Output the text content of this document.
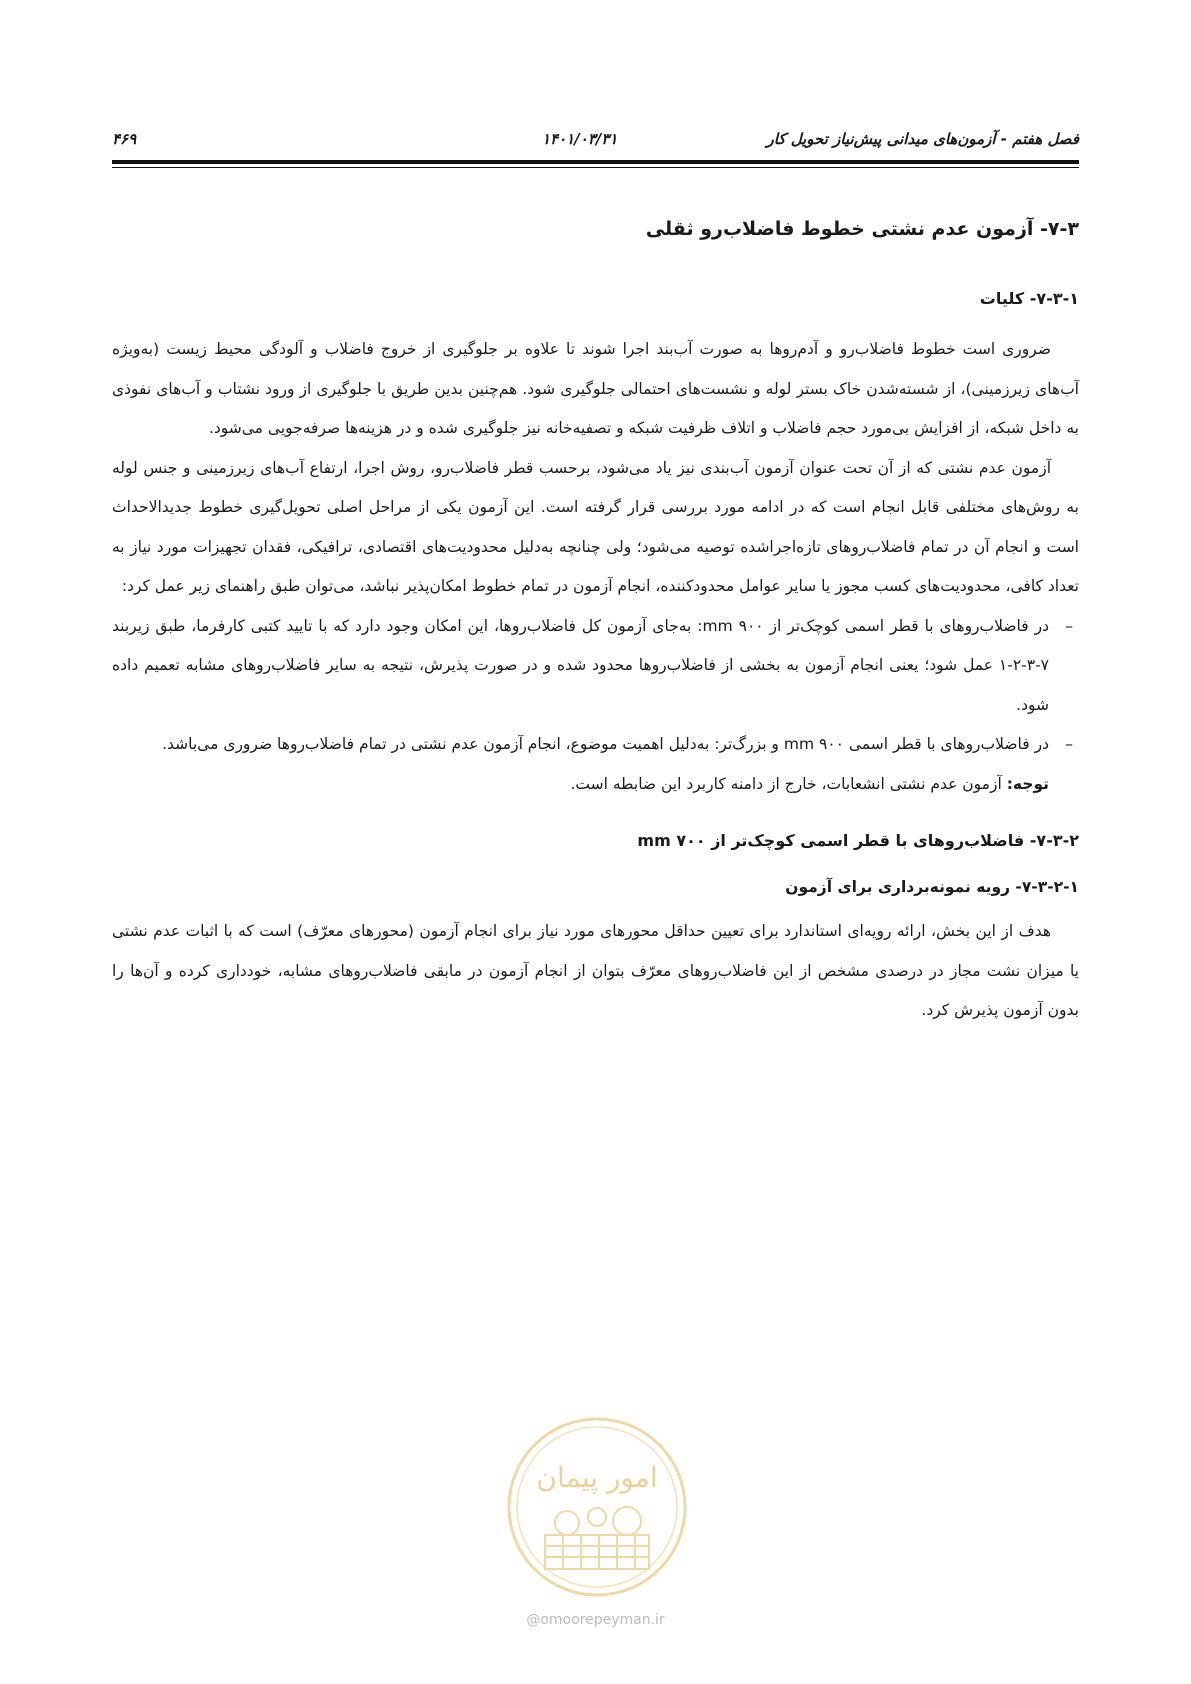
فصل هفتم - آزمون‌های میدانی پیش‌نیاز تحویل کار
۱۴۰۱/۰۳/۳۱
۴۶۹
۷-۳- آزمون عدم نشتی خطوط فاضلاب‌رو ثقلی
۷-۳-۱- کلیات

ضروری است خطوط فاضلاب‌رو و آدم‌روها به صورت آب‌بند اجرا شوند تا علاوه بر جلوگیری از خروج فاضلاب و آلودگی محیط زیست (به‌ویژه آب‌های زیرزمینی)، از شسته‌شدن خاک بستر لوله و نشست‌های احتمالی جلوگیری شود. هم‌چنین بدین طریق با جلوگیری از ورود نشتاب و آب‌های نفوذی به داخل شبکه، از افزایش بی‌مورد حجم فاضلاب و اتلاف ظرفیت شبکه و تصفیه‌خانه نیز جلوگیری شده و در هزینه‌ها صرفه‌جویی می‌شود.

آزمون عدم نشتی که از آن تحت عنوان آزمون آب‌بندی نیز یاد می‌شود، برحسب قطر فاضلاب‌رو، روش اجرا، ارتفاع آب‌های زیرزمینی و جنس لوله به روش‌های مختلفی قابل انجام است که در ادامه مورد بررسی قرار گرفته است. این آزمون یکی از مراحل اصلی تحویل‌گیری خطوط جدیدالاحداث است و انجام آن در تمام فاضلاب‌روهای تازه‌اجراشده توصیه می‌شود؛ ولی چنانچه به‌دلیل محدودیت‌های اقتصادی، ترافیکی، فقدان تجهیزات مورد نیاز به تعداد کافی، محدودیت‌های کسب مجوز یا سایر عوامل محدودکننده، انجام آزمون در تمام خطوط امکان‌پذیر نباشد، می‌توان طبق راهنمای زیر عمل کرد:

–
در فاضلاب‌روهای با قطر اسمی کوچک‌تر از mm ۹۰۰: به‌جای آزمون کل فاضلاب‌روها، این امکان وجود دارد که با تایید کتبی کارفرما، طبق زیربند ۷-۳-۲-۱ عمل شود؛ یعنی انجام آزمون به بخشی از فاضلاب‌روها محدود شده و در صورت پذیرش، نتیجه به سایر فاضلاب‌روهای مشابه تعمیم داده شود.
–
در فاضلاب‌روهای با قطر اسمی mm ۹۰۰ و بزرگ‌تر: به‌دلیل اهمیت موضوع، انجام آزمون عدم نشتی در تمام فاضلاب‌روها ضروری می‌باشد.
توجه: آزمون عدم نشتی انشعابات، خارج از دامنه کاربرد این ضابطه است.
۷-۳-۲- فاضلاب‌روهای با قطر اسمی کوچک‌تر از mm ۷۰۰
۷-۳-۲-۱- رویه نمونه‌برداری برای آزمون

هدف از این بخش، ارائه رویه‌ای استاندارد برای تعیین حداقل محورهای مورد نیاز برای انجام آزمون (محورهای معرّف) است که با اثبات عدم نشتی یا میزان نشت مجاز در درصدی مشخص از این فاضلاب‌روهای معرّف بتوان از انجام آزمون در مابقی فاضلاب‌روهای مشابه، خودداری کرده و آن‌ها را بدون آزمون پذیرش کرد.

امور پیمان
@omoorepeyman.ir
